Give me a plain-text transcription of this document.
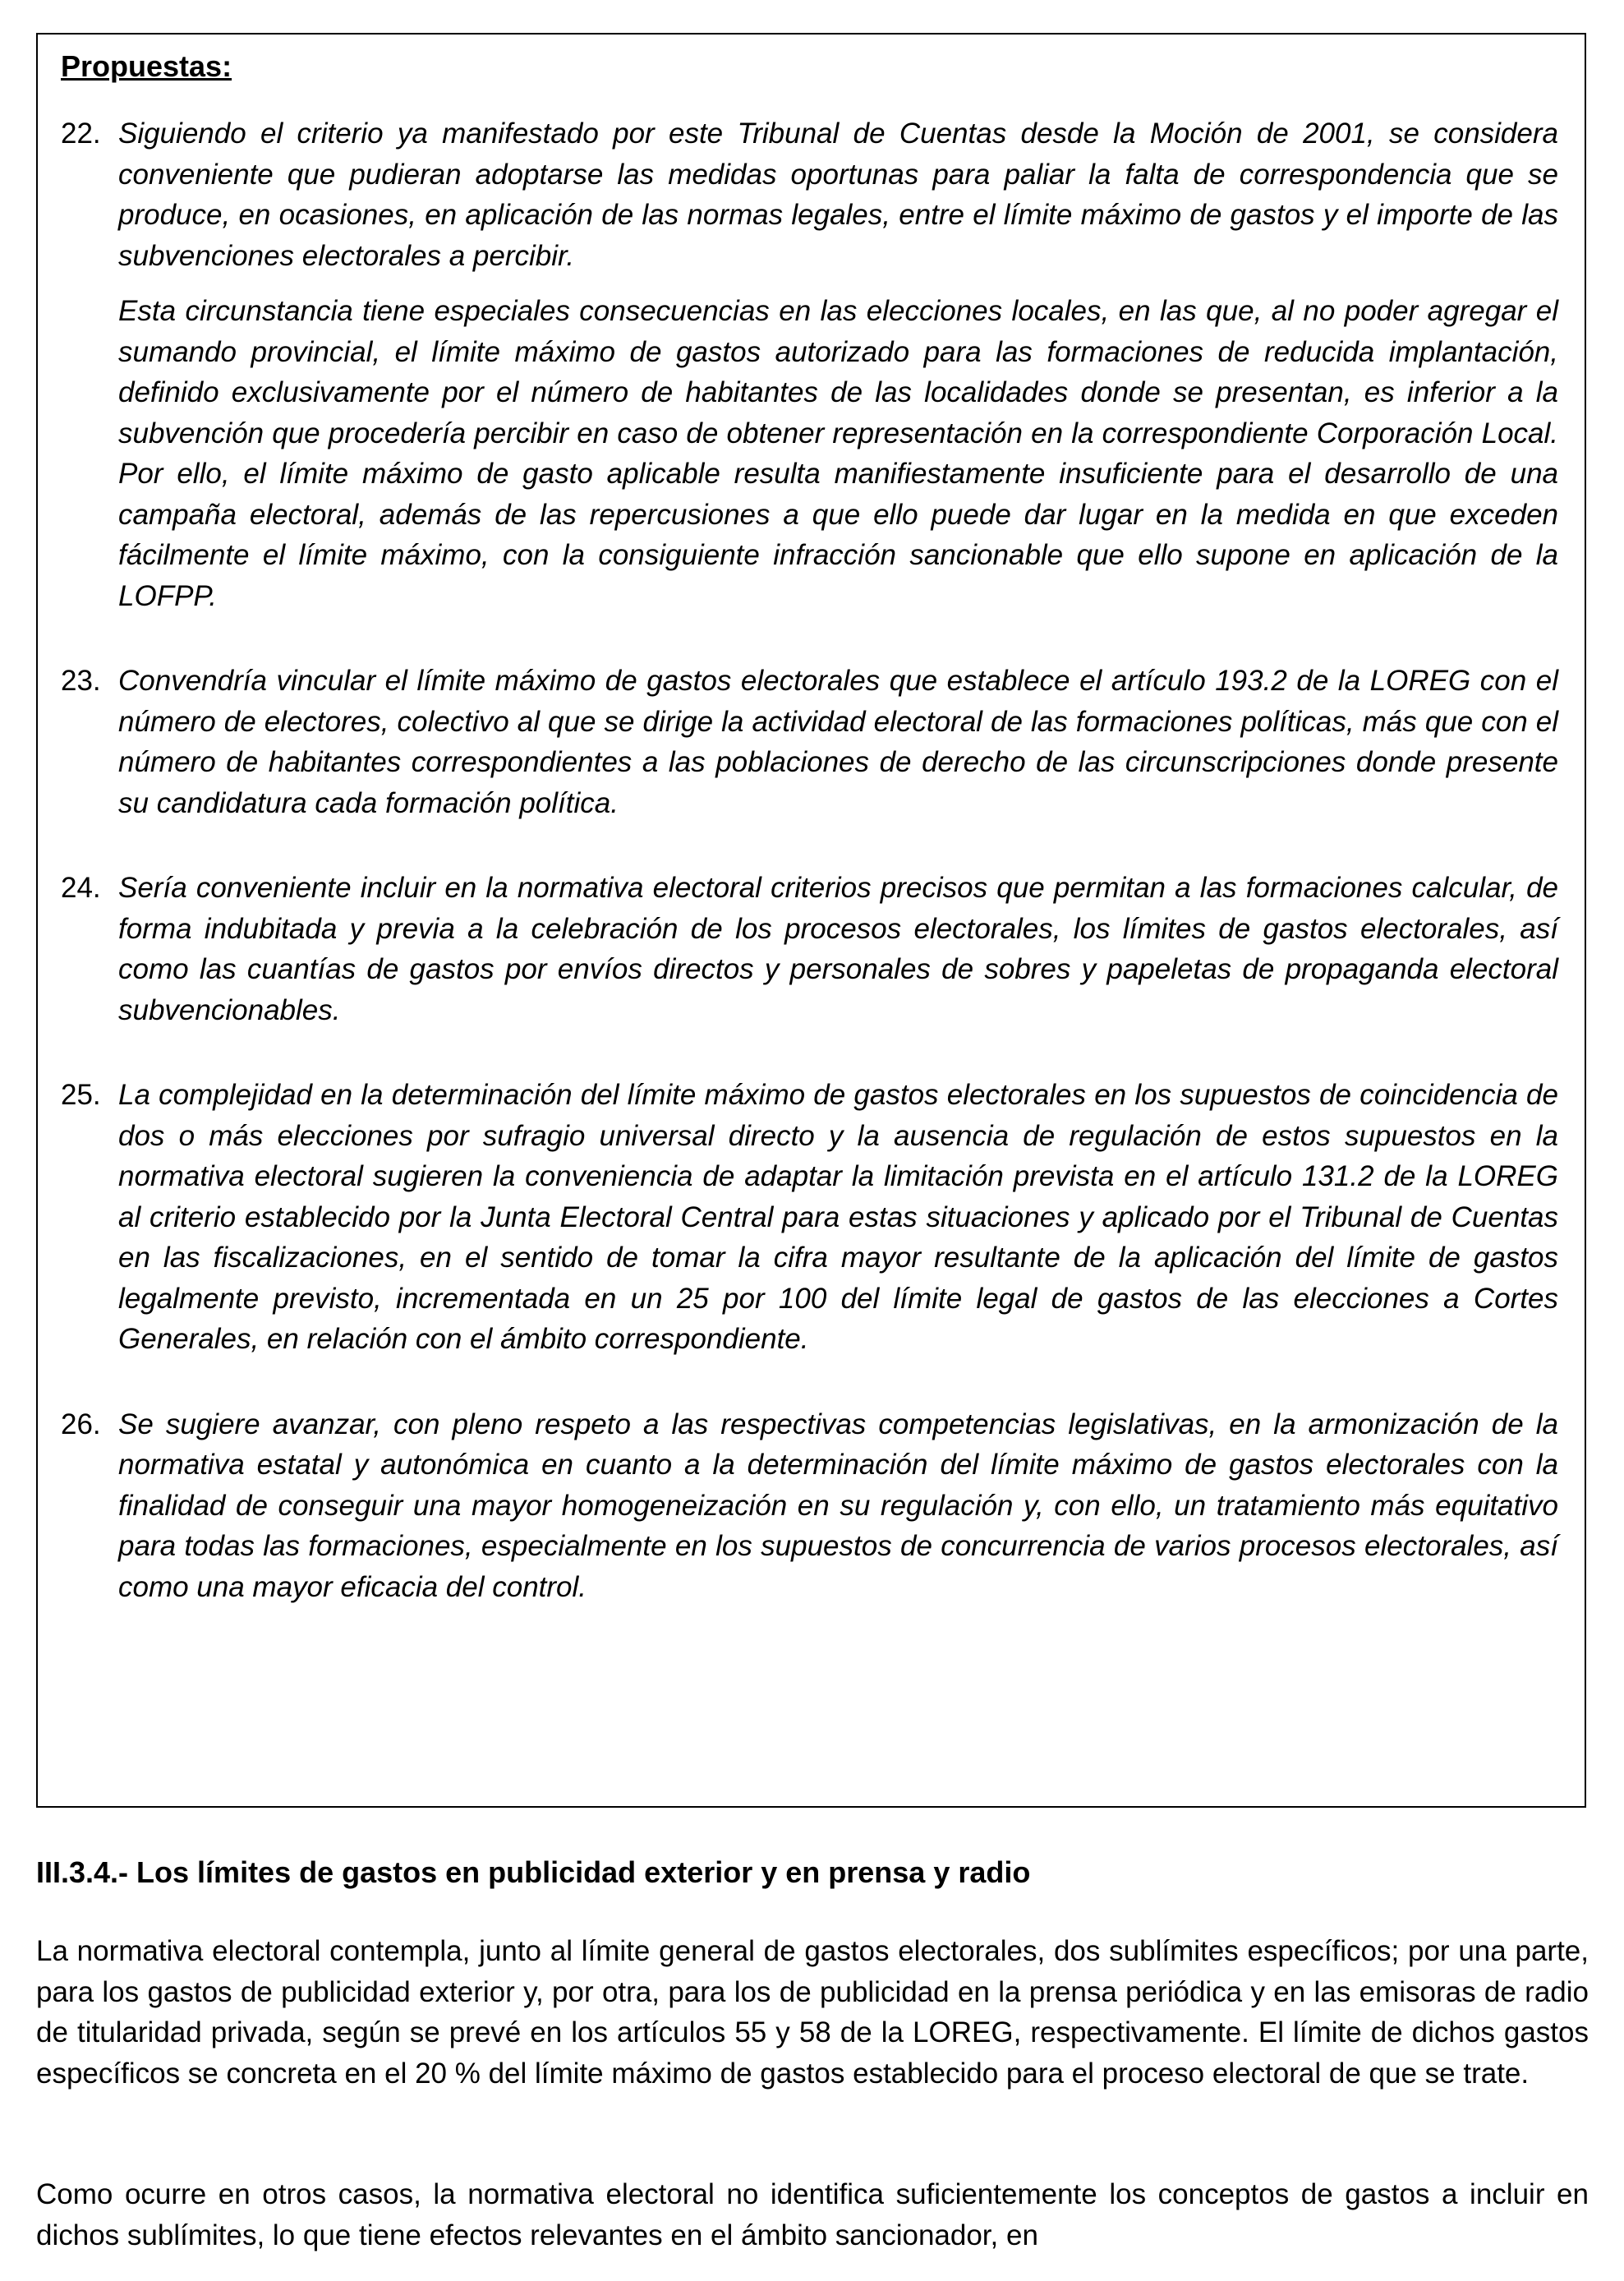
Propuestas:
22. Siguiendo el criterio ya manifestado por este Tribunal de Cuentas desde la Moción de 2001, se considera conveniente que pudieran adoptarse las medidas oportunas para paliar la falta de correspondencia que se produce, en ocasiones, en aplicación de las normas legales, entre el límite máximo de gastos y el importe de las subvenciones electorales a percibir.

Esta circunstancia tiene especiales consecuencias en las elecciones locales, en las que, al no poder agregar el sumando provincial, el límite máximo de gastos autorizado para las formaciones de reducida implantación, definido exclusivamente por el número de habitantes de las localidades donde se presentan, es inferior a la subvención que procedería percibir en caso de obtener representación en la correspondiente Corporación Local. Por ello, el límite máximo de gasto aplicable resulta manifiestamente insuficiente para el desarrollo de una campaña electoral, además de las repercusiones a que ello puede dar lugar en la medida en que exceden fácilmente el límite máximo, con la consiguiente infracción sancionable que ello supone en aplicación de la LOFPP.

23. Convendría vincular el límite máximo de gastos electorales que establece el artículo 193.2 de la LOREG con el número de electores, colectivo al que se dirige la actividad electoral de las formaciones políticas, más que con el número de habitantes correspondientes a las poblaciones de derecho de las circunscripciones donde presente su candidatura cada formación política.

24. Sería conveniente incluir en la normativa electoral criterios precisos que permitan a las formaciones calcular, de forma indubitada y previa a la celebración de los procesos electorales, los límites de gastos electorales, así como las cuantías de gastos por envíos directos y personales de sobres y papeletas de propaganda electoral subvencionables.

25. La complejidad en la determinación del límite máximo de gastos electorales en los supuestos de coincidencia de dos o más elecciones por sufragio universal directo y la ausencia de regulación de estos supuestos en la normativa electoral sugieren la conveniencia de adaptar la limitación prevista en el artículo 131.2 de la LOREG al criterio establecido por la Junta Electoral Central para estas situaciones y aplicado por el Tribunal de Cuentas en las fiscalizaciones, en el sentido de tomar la cifra mayor resultante de la aplicación del límite de gastos legalmente previsto, incrementada en un 25 por 100 del límite legal de gastos de las elecciones a Cortes Generales, en relación con el ámbito correspondiente.

26. Se sugiere avanzar, con pleno respeto a las respectivas competencias legislativas, en la armonización de la normativa estatal y autonómica en cuanto a la determinación del límite máximo de gastos electorales con la finalidad de conseguir una mayor homogeneización en su regulación y, con ello, un tratamiento más equitativo para todas las formaciones, especialmente en los supuestos de concurrencia de varios procesos electorales, así como una mayor eficacia del control.

III.3.4.- Los límites de gastos en publicidad exterior y en prensa y radio

La normativa electoral contempla, junto al límite general de gastos electorales, dos sublímites específicos; por una parte, para los gastos de publicidad exterior y, por otra, para los de publicidad en la prensa periódica y en las emisoras de radio de titularidad privada, según se prevé en los artículos 55 y 58 de la LOREG, respectivamente. El límite de dichos gastos específicos se concreta en el 20 % del límite máximo de gastos establecido para el proceso electoral de que se trate.

Como ocurre en otros casos, la normativa electoral no identifica suficientemente los conceptos de gastos a incluir en dichos sublímites, lo que tiene efectos relevantes en el ámbito sancionador, en
